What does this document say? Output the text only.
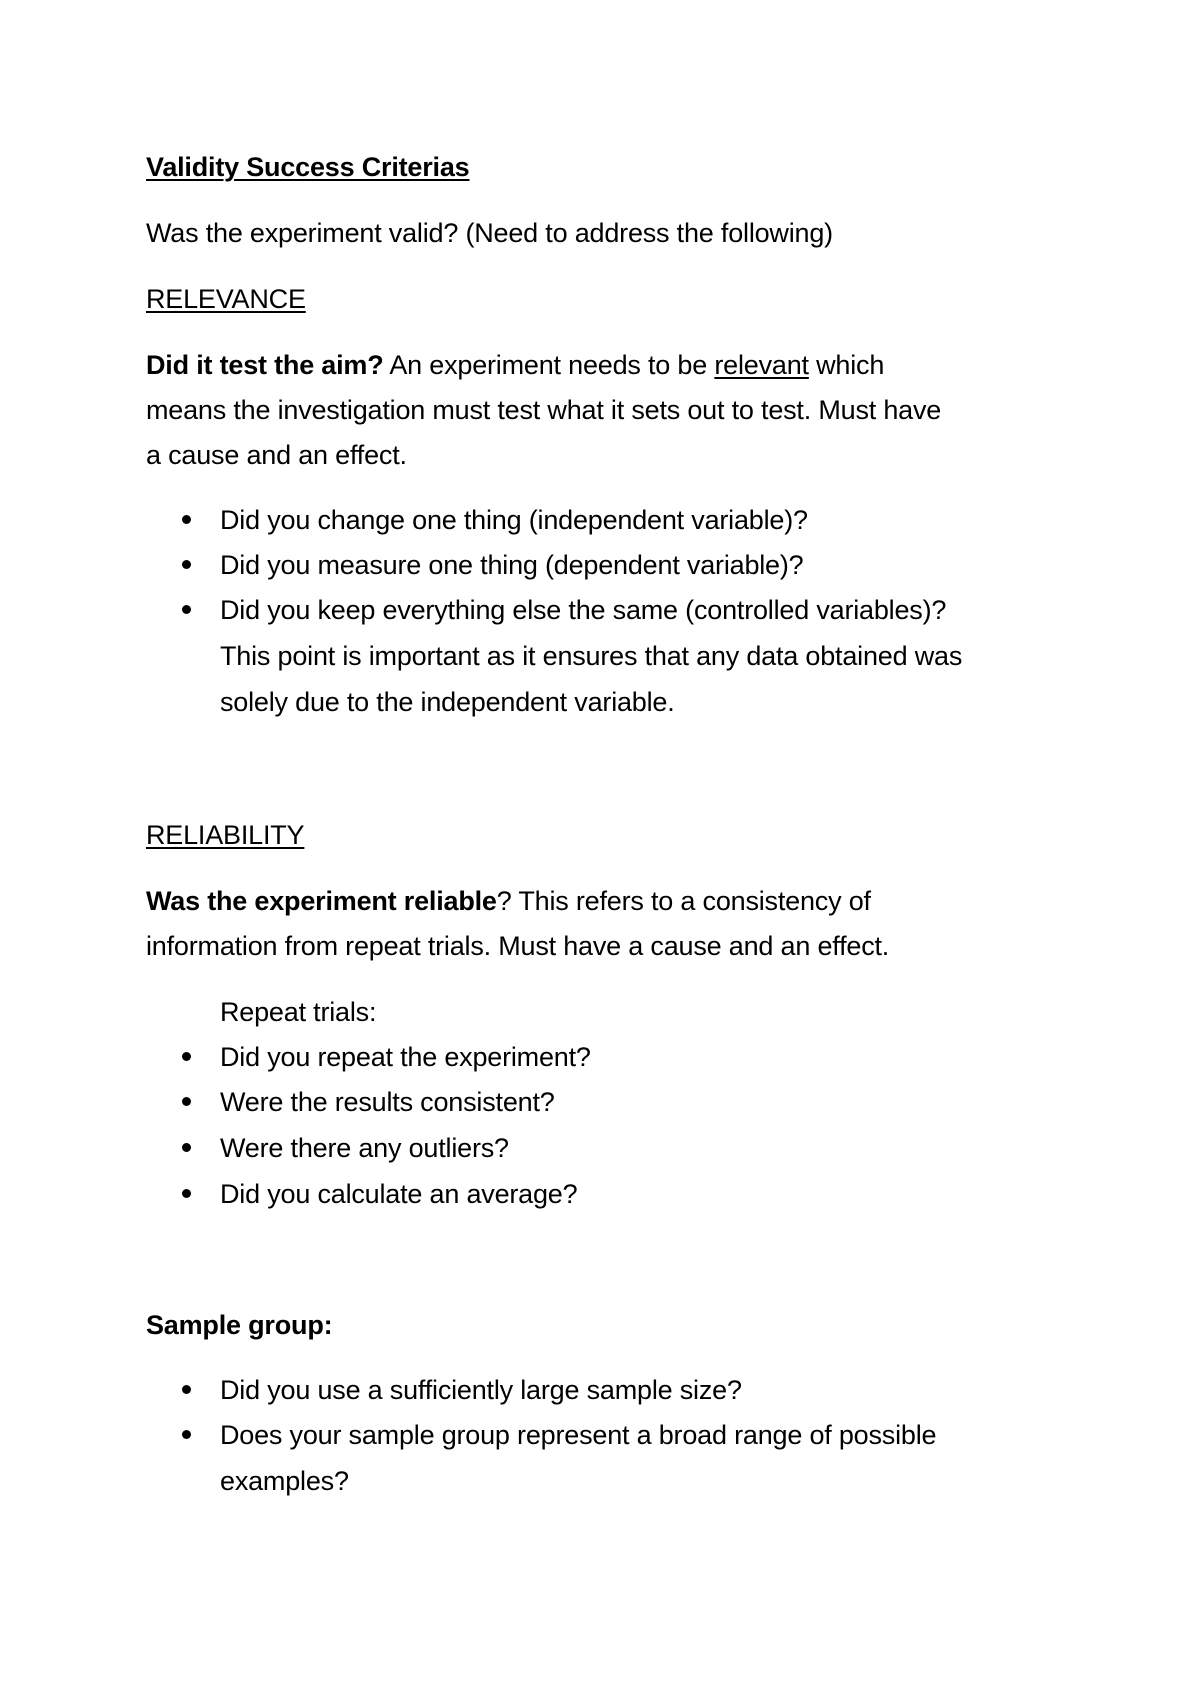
Validity Success Criterias
Was the experiment valid? (Need to address the following)
RELEVANCE
Did it test the aim? An experiment needs to be relevant which
means the investigation must test what it sets out to test. Must have
a cause and an effect.
Did you change one thing (independent variable)?
Did you measure one thing (dependent variable)?
Did you keep everything else the same (controlled variables)?
This point is important as it ensures that any data obtained was
solely due to the independent variable.
RELIABILITY
Was the experiment reliable? This refers to a consistency of
information from repeat trials. Must have a cause and an effect.
Repeat trials:
Did you repeat the experiment?
Were the results consistent?
Were there any outliers?
Did you calculate an average?
Sample group:
Did you use a sufficiently large sample size?
Does your sample group represent a broad range of possible
examples?
